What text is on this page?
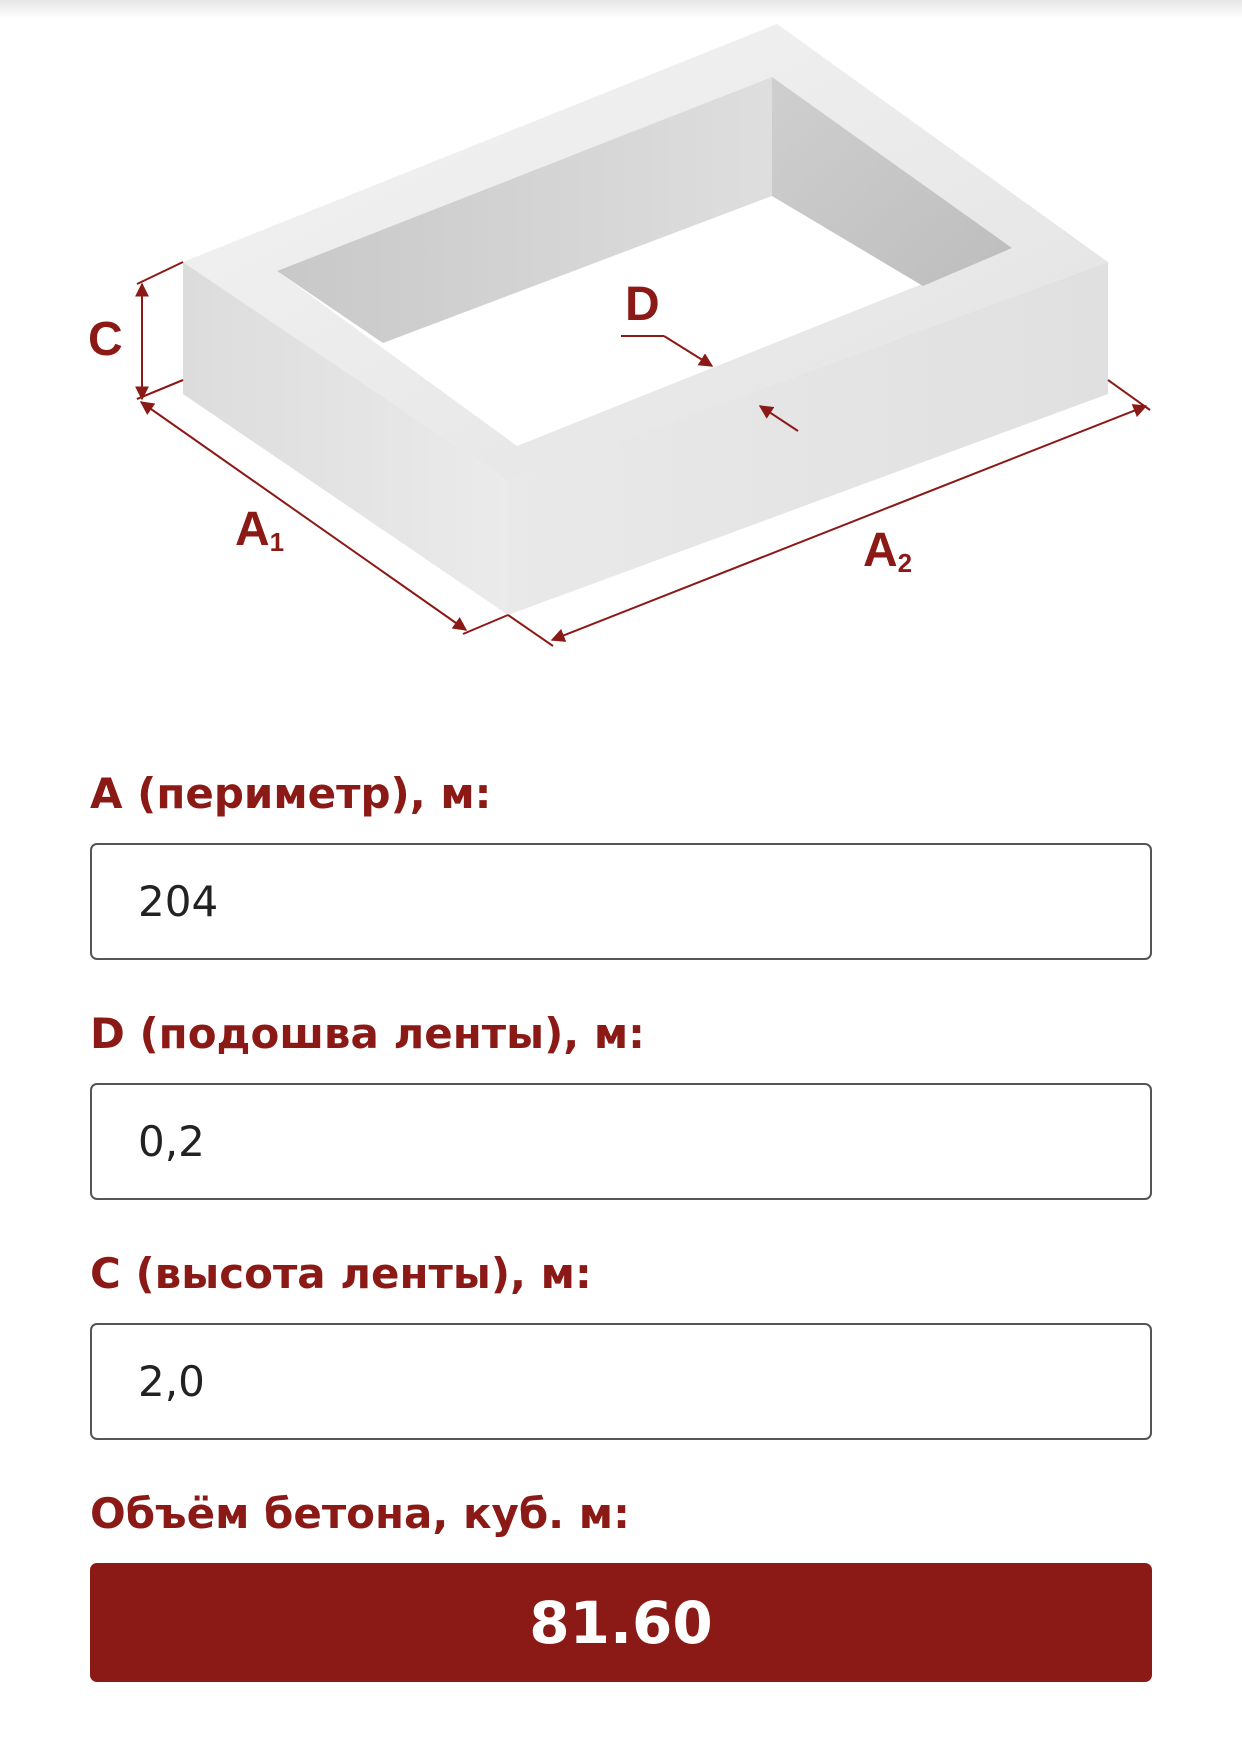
C
A1	A2
D
A (периметр), м:
204
D (подошва ленты), м:
0,2
C (высота ленты), м:
2,0
Объём бетона, куб. м:
81.60
